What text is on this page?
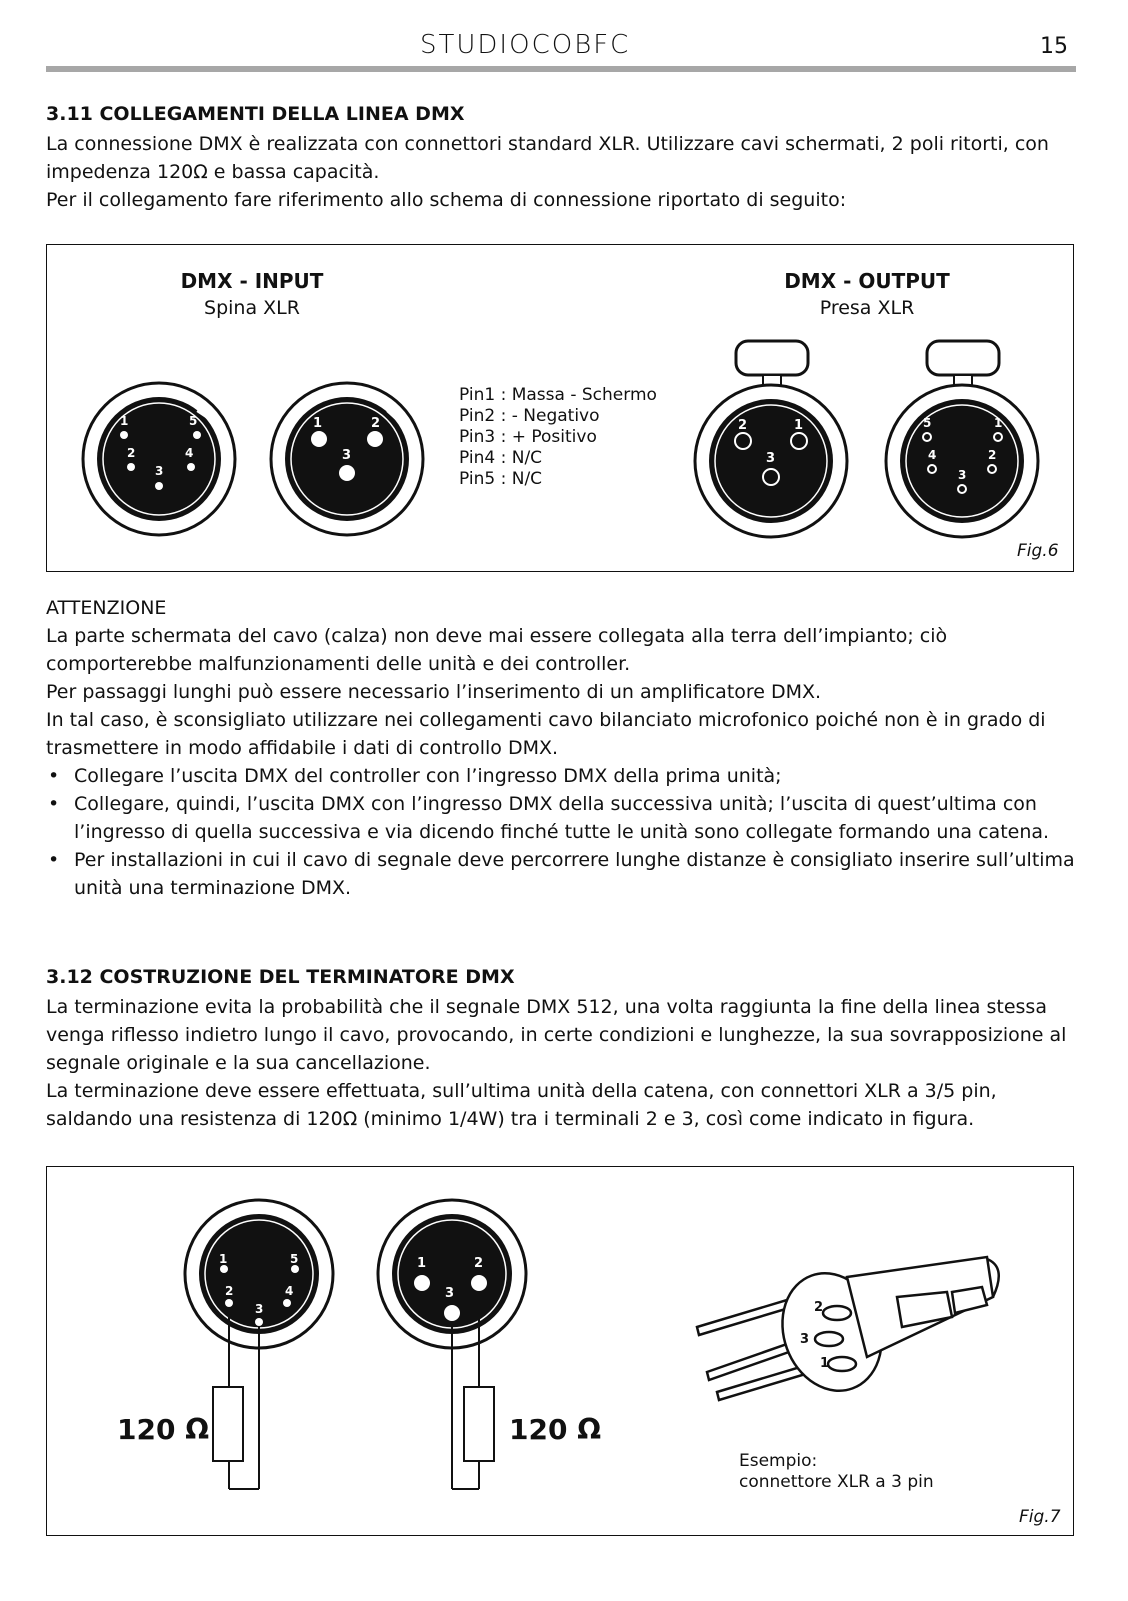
STUDIOCOBFC	15
3.11 COLLEGAMENTI DELLA LINEA DMX

La connessione DMX è realizzata con connettori standard XLR. Utilizzare cavi schermati, 2 poli ritorti, con impedenza 120Ω e bassa capacità.

Per il collegamento fare riferimento allo schema di connessione riportato di seguito:

DMX - INPUT
Spina XLR
DMX - OUTPUT
Presa XLR
1	5
2	4
3
1	2
3
Pin1 : Massa - Schermo
Pin2 : - Negativo
Pin3 : + Positivo
Pin4 : N/C
Pin5 : N/C
2	1
3
5	1
4	2
3
Fig.6

ATTENZIONE

La parte schermata del cavo (calza) non deve mai essere collegata alla terra dell’impianto; ciò comporterebbe malfunzionamenti delle unità e dei controller.

Per passaggi lunghi può essere necessario l’inserimento di un amplificatore DMX.

In tal caso, è sconsigliato utilizzare nei collegamenti cavo bilanciato microfonico poiché non è in grado di trasmettere in modo affidabile i dati di controllo DMX.

• Collegare l’uscita DMX del controller con l’ingresso DMX della prima unità;
• Collegare, quindi, l’uscita DMX con l’ingresso DMX della successiva unità; l’uscita di quest’ultima con l’ingresso di quella successiva e via dicendo finché tutte le unità sono collegate formando una catena.
• Per installazioni in cui il cavo di segnale deve percorrere lunghe distanze è consigliato inserire sull’ultima unità una terminazione DMX.
3.12 COSTRUZIONE DEL TERMINATORE DMX

La terminazione evita la probabilità che il segnale DMX 512, una volta raggiunta la fine della linea stessa venga riflesso indietro lungo il cavo, provocando, in certe condizioni e lunghezze, la sua sovrapposizione al segnale originale e la sua cancellazione.

La terminazione deve essere effettuata, sull’ultima unità della catena, con connettori XLR a 3/5 pin, saldando una resistenza di 120Ω (minimo 1/4W) tra i terminali 2 e 3, così come indicato in figura.

1	5
2	4
3
1	2
3
120 Ω	120 Ω
2
3
1
Esempio:
connettore XLR a 3 pin
Fig.7
